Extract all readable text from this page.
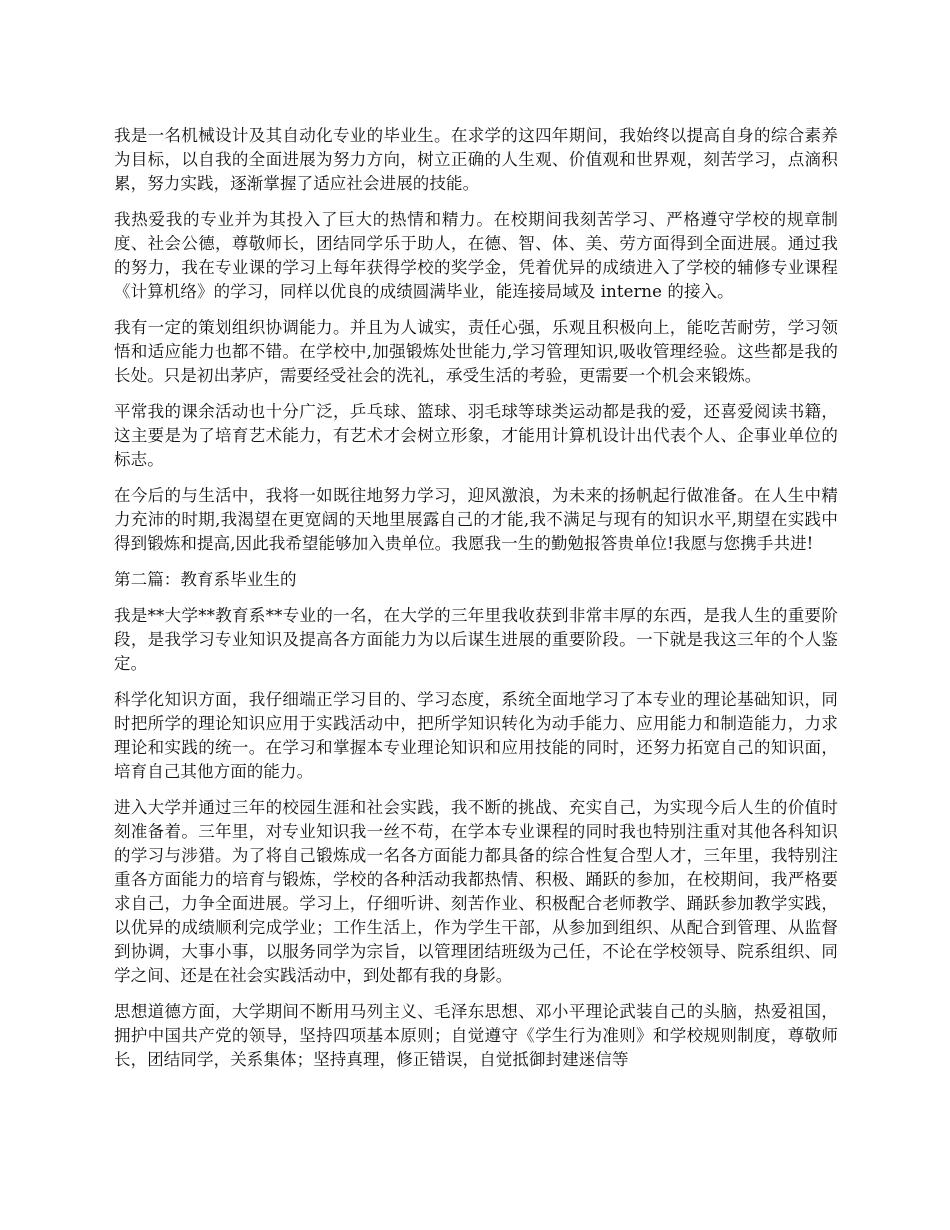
我是一名机械设计及其自动化专业的毕业生。在求学的这四年期间，我始终以提高自身的综合素养为目标，以自我的全面进展为努力方向，树立正确的人生观、价值观和世界观，刻苦学习，点滴积累，努力实践，逐渐掌握了适应社会进展的技能。

我热爱我的专业并为其投入了巨大的热情和精力。在校期间我刻苦学习、严格遵守学校的规章制度、社会公德，尊敬师长，团结同学乐于助人，在德、智、体、美、劳方面得到全面进展。通过我的努力，我在专业课的学习上每年获得学校的奖学金，凭着优异的成绩进入了学校的辅修专业课程《计算机络》的学习，同样以优良的成绩圆满毕业，能连接局域及 interne 的接入。

我有一定的策划组织协调能力。并且为人诚实，责任心强，乐观且积极向上，能吃苦耐劳，学习领悟和适应能力也都不错。在学校中,加强锻炼处世能力,学习管理知识,吸收管理经验。这些都是我的长处。只是初出茅庐，需要经受社会的洗礼，承受生活的考验，更需要一个机会来锻炼。

平常我的课余活动也十分广泛，乒乓球、篮球、羽毛球等球类运动都是我的爱，还喜爱阅读书籍，这主要是为了培育艺术能力，有艺术才会树立形象，才能用计算机设计出代表个人、企事业单位的标志。

在今后的与生活中，我将一如既往地努力学习，迎风激浪，为未来的扬帆起行做准备。在人生中精力充沛的时期,我渴望在更宽阔的天地里展露自己的才能,我不满足与现有的知识水平,期望在实践中得到锻炼和提高,因此我希望能够加入贵单位。我愿我一生的勤勉报答贵单位!我愿与您携手共进!

第二篇：教育系毕业生的

我是**大学**教育系**专业的一名，在大学的三年里我收获到非常丰厚的东西，是我人生的重要阶段，是我学习专业知识及提高各方面能力为以后谋生进展的重要阶段。一下就是我这三年的个人鉴定。

科学化知识方面，我仔细端正学习目的、学习态度，系统全面地学习了本专业的理论基础知识，同时把所学的理论知识应用于实践活动中，把所学知识转化为动手能力、应用能力和制造能力，力求理论和实践的统一。在学习和掌握本专业理论知识和应用技能的同时，还努力拓宽自己的知识面，培育自己其他方面的能力。

进入大学并通过三年的校园生涯和社会实践，我不断的挑战、充实自己，为实现今后人生的价值时刻准备着。三年里，对专业知识我一丝不苟，在学本专业课程的同时我也特别注重对其他各科知识的学习与涉猎。为了将自己锻炼成一名各方面能力都具备的综合性复合型人才，三年里，我特别注重各方面能力的培育与锻炼，学校的各种活动我都热情、积极、踊跃的参加，在校期间，我严格要求自己，力争全面进展。学习上，仔细听讲、刻苦作业、积极配合老师教学、踊跃参加教学实践，以优异的成绩顺利完成学业；工作生活上，作为学生干部，从参加到组织、从配合到管理、从监督到协调，大事小事，以服务同学为宗旨，以管理团结班级为己任，不论在学校领导、院系组织、同学之间、还是在社会实践活动中，到处都有我的身影。

思想道德方面，大学期间不断用马列主义、毛泽东思想、邓小平理论武装自己的头脑，热爱祖国，拥护中国共产党的领导，坚持四项基本原则；自觉遵守《学生行为准则》和学校规则制度，尊敬师长，团结同学，关系集体；坚持真理，修正错误，自觉抵御封建迷信等
